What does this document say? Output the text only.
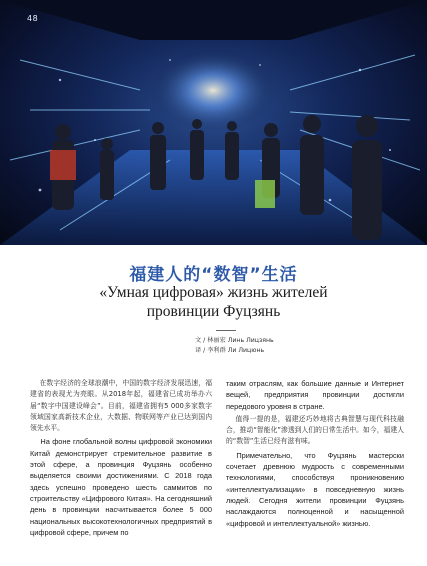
48
福建人的“数智”生活
«Умная цифровая» жизнь жителей
провинции Фуцзянь
文 / 林丽宏 Линь Лицзянь
译 / 李利群 Ли Лицюнь

在数字经济的全球浪潮中，中国的数字经济发展迅速，福建省的表现尤为亮眼。从2018年起，福建省已成功举办六届“数字中国建设峰会”。目前，福建省拥有5 000多家数字领域国家高新技术企业，大数据、物联网等产业已达到国内领先水平。

На фоне глобальной волны цифровой экономики Китай демонстрирует стремительное развитие в этой сфере, а провинция Фуцзянь особенно выделяется своими достижениями. С 2018 года здесь успешно проведено шесть саммитов по строительству «Цифрового Китая». На сегодняшний день в провинции насчитывается более 5 000 национальных высокотехнологичных предприятий в цифровой сфере, причем по

таким отраслям, как большие данные и Интернет вещей, предприятия провинции достигли передового уровня в стране.

值得一提的是，福建还巧妙地将古典智慧与现代科技融合，推动“智能化”渗透到人们的日常生活中。如今，福建人的“数智”生活已经有滋有味。

Примечательно, что Фуцзянь мастерски сочетает древнюю мудрость с современными технологиями, способствуя проникновению «интеллектуализации» в повседневную жизнь людей. Сегодня жители провинции Фуцзянь наслаждаются полноценной и насыщенной «цифровой и интеллектуальной» жизнью.
